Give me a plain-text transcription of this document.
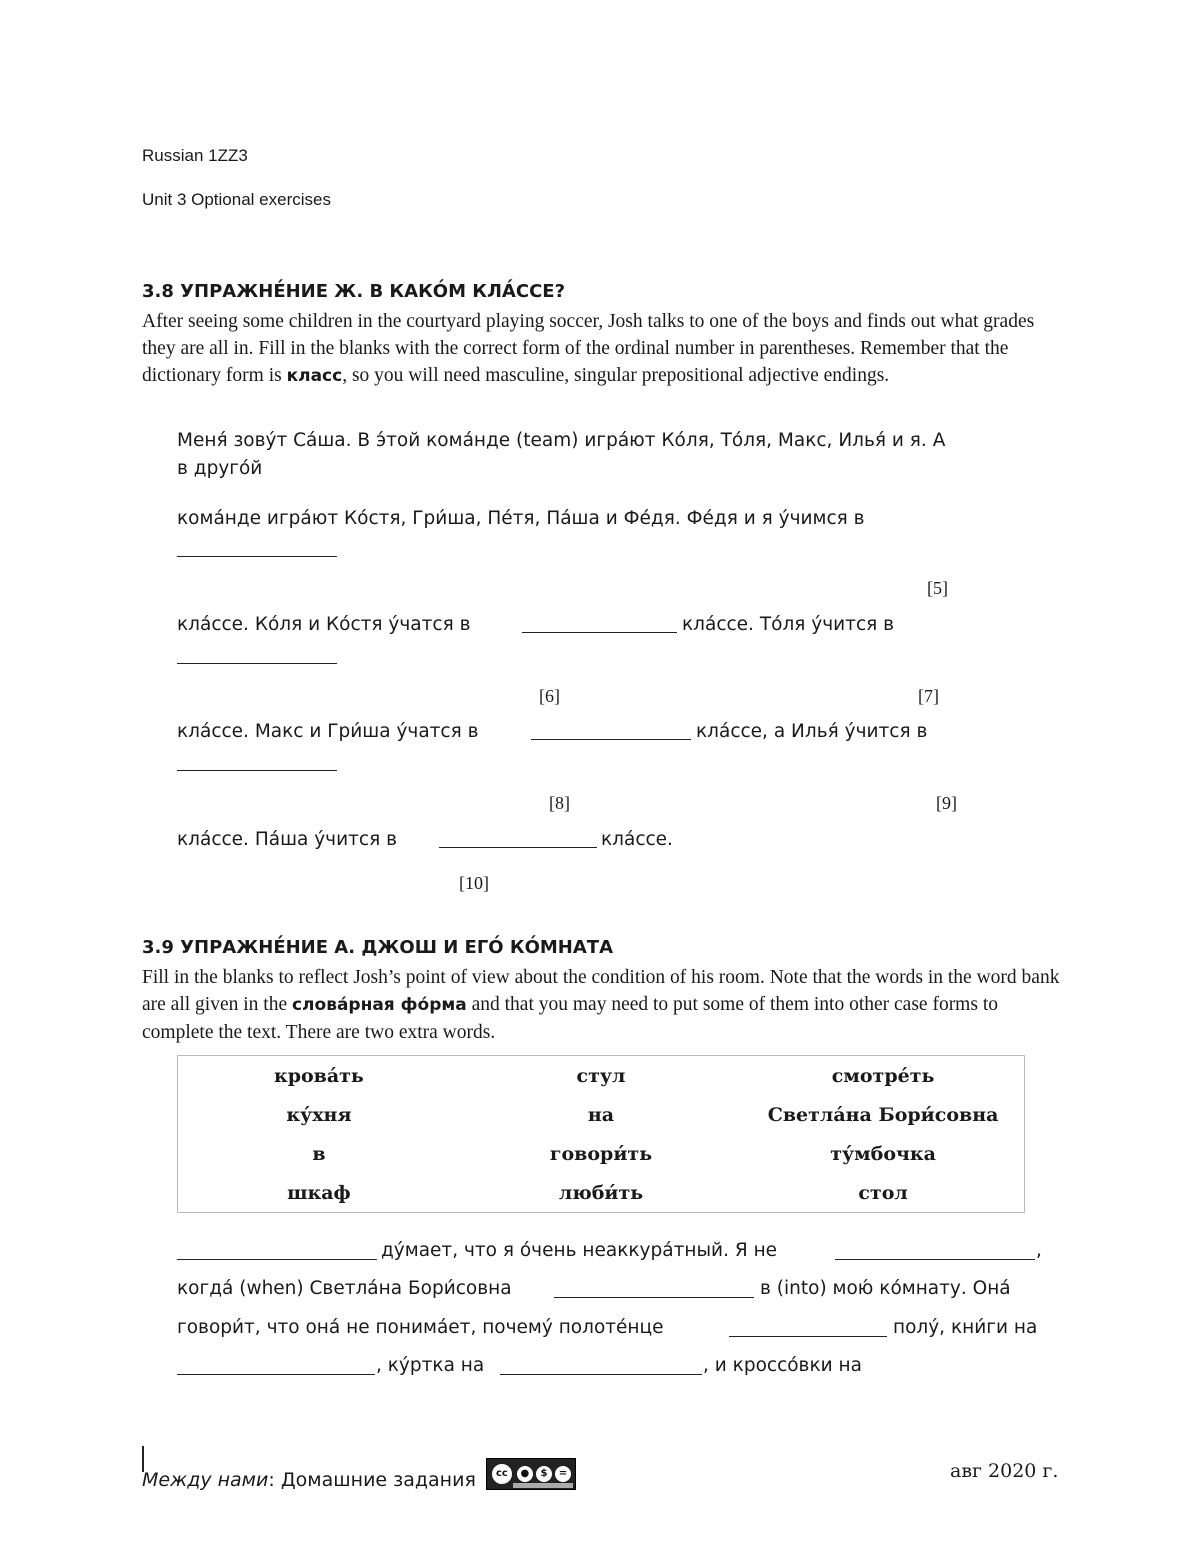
Russian 1ZZ3
Unit 3 Optional exercises
3.8 УПРАЖНЕ́НИЕ Ж. В КАКО́М КЛА́ССЕ?
After seeing some children in the courtyard playing soccer, Josh talks to one of the boys and finds out what grades they are all in. Fill in the blanks with the correct form of the ordinal number in parentheses. Remember that the dictionary form is класс, so you will need masculine, singular prepositional adjective endings.
Меня́ зову́т Са́ша. В э́той кома́нде (team) игра́ют Ко́ля, То́ля, Макс, Илья́ и я. А
в друго́й
кома́нде игра́ют Ко́стя, Гри́ша, Пе́тя, Па́ша и Фе́дя. Фе́дя и я у́чимся в
[5]
кла́ссе. Ко́ля и Ко́стя у́чатся в	кла́ссе. То́ля у́чится в
[6]	[7]
кла́ссе. Макс и Гри́ша у́чатся в	кла́ссе, а Илья́ у́чится в
[8]	[9]
кла́ссе. Па́ша у́чится в	кла́ссе.
[10]
3.9 УПРАЖНЕ́НИЕ А. ДЖОШ И ЕГО́ КО́МНАТА
Fill in the blanks to reflect Josh’s point of view about the condition of his room. Note that the words in the word bank are all given in the слова́рная фо́рма and that you may need to put some of them into other case forms to complete the text. There are two extra words.
крова́ть	стул	смотре́ть
ку́хня	на	Светла́на Бори́совна
в	говори́ть	ту́мбочка
шкаф	люби́ть	стол
ду́мает, что я о́чень неаккура́тный. Я не	,
когда́ (when) Светла́на Бори́совна	в (into) мою́ ко́мнату. Она́
говори́т, что она́ не понима́ет, почему́ полоте́нце	полу́, кни́ги на
, ку́ртка на	, и кроссо́вки на
Между нами: Домашние задания	cc	●	$	=	авг 2020 г.
